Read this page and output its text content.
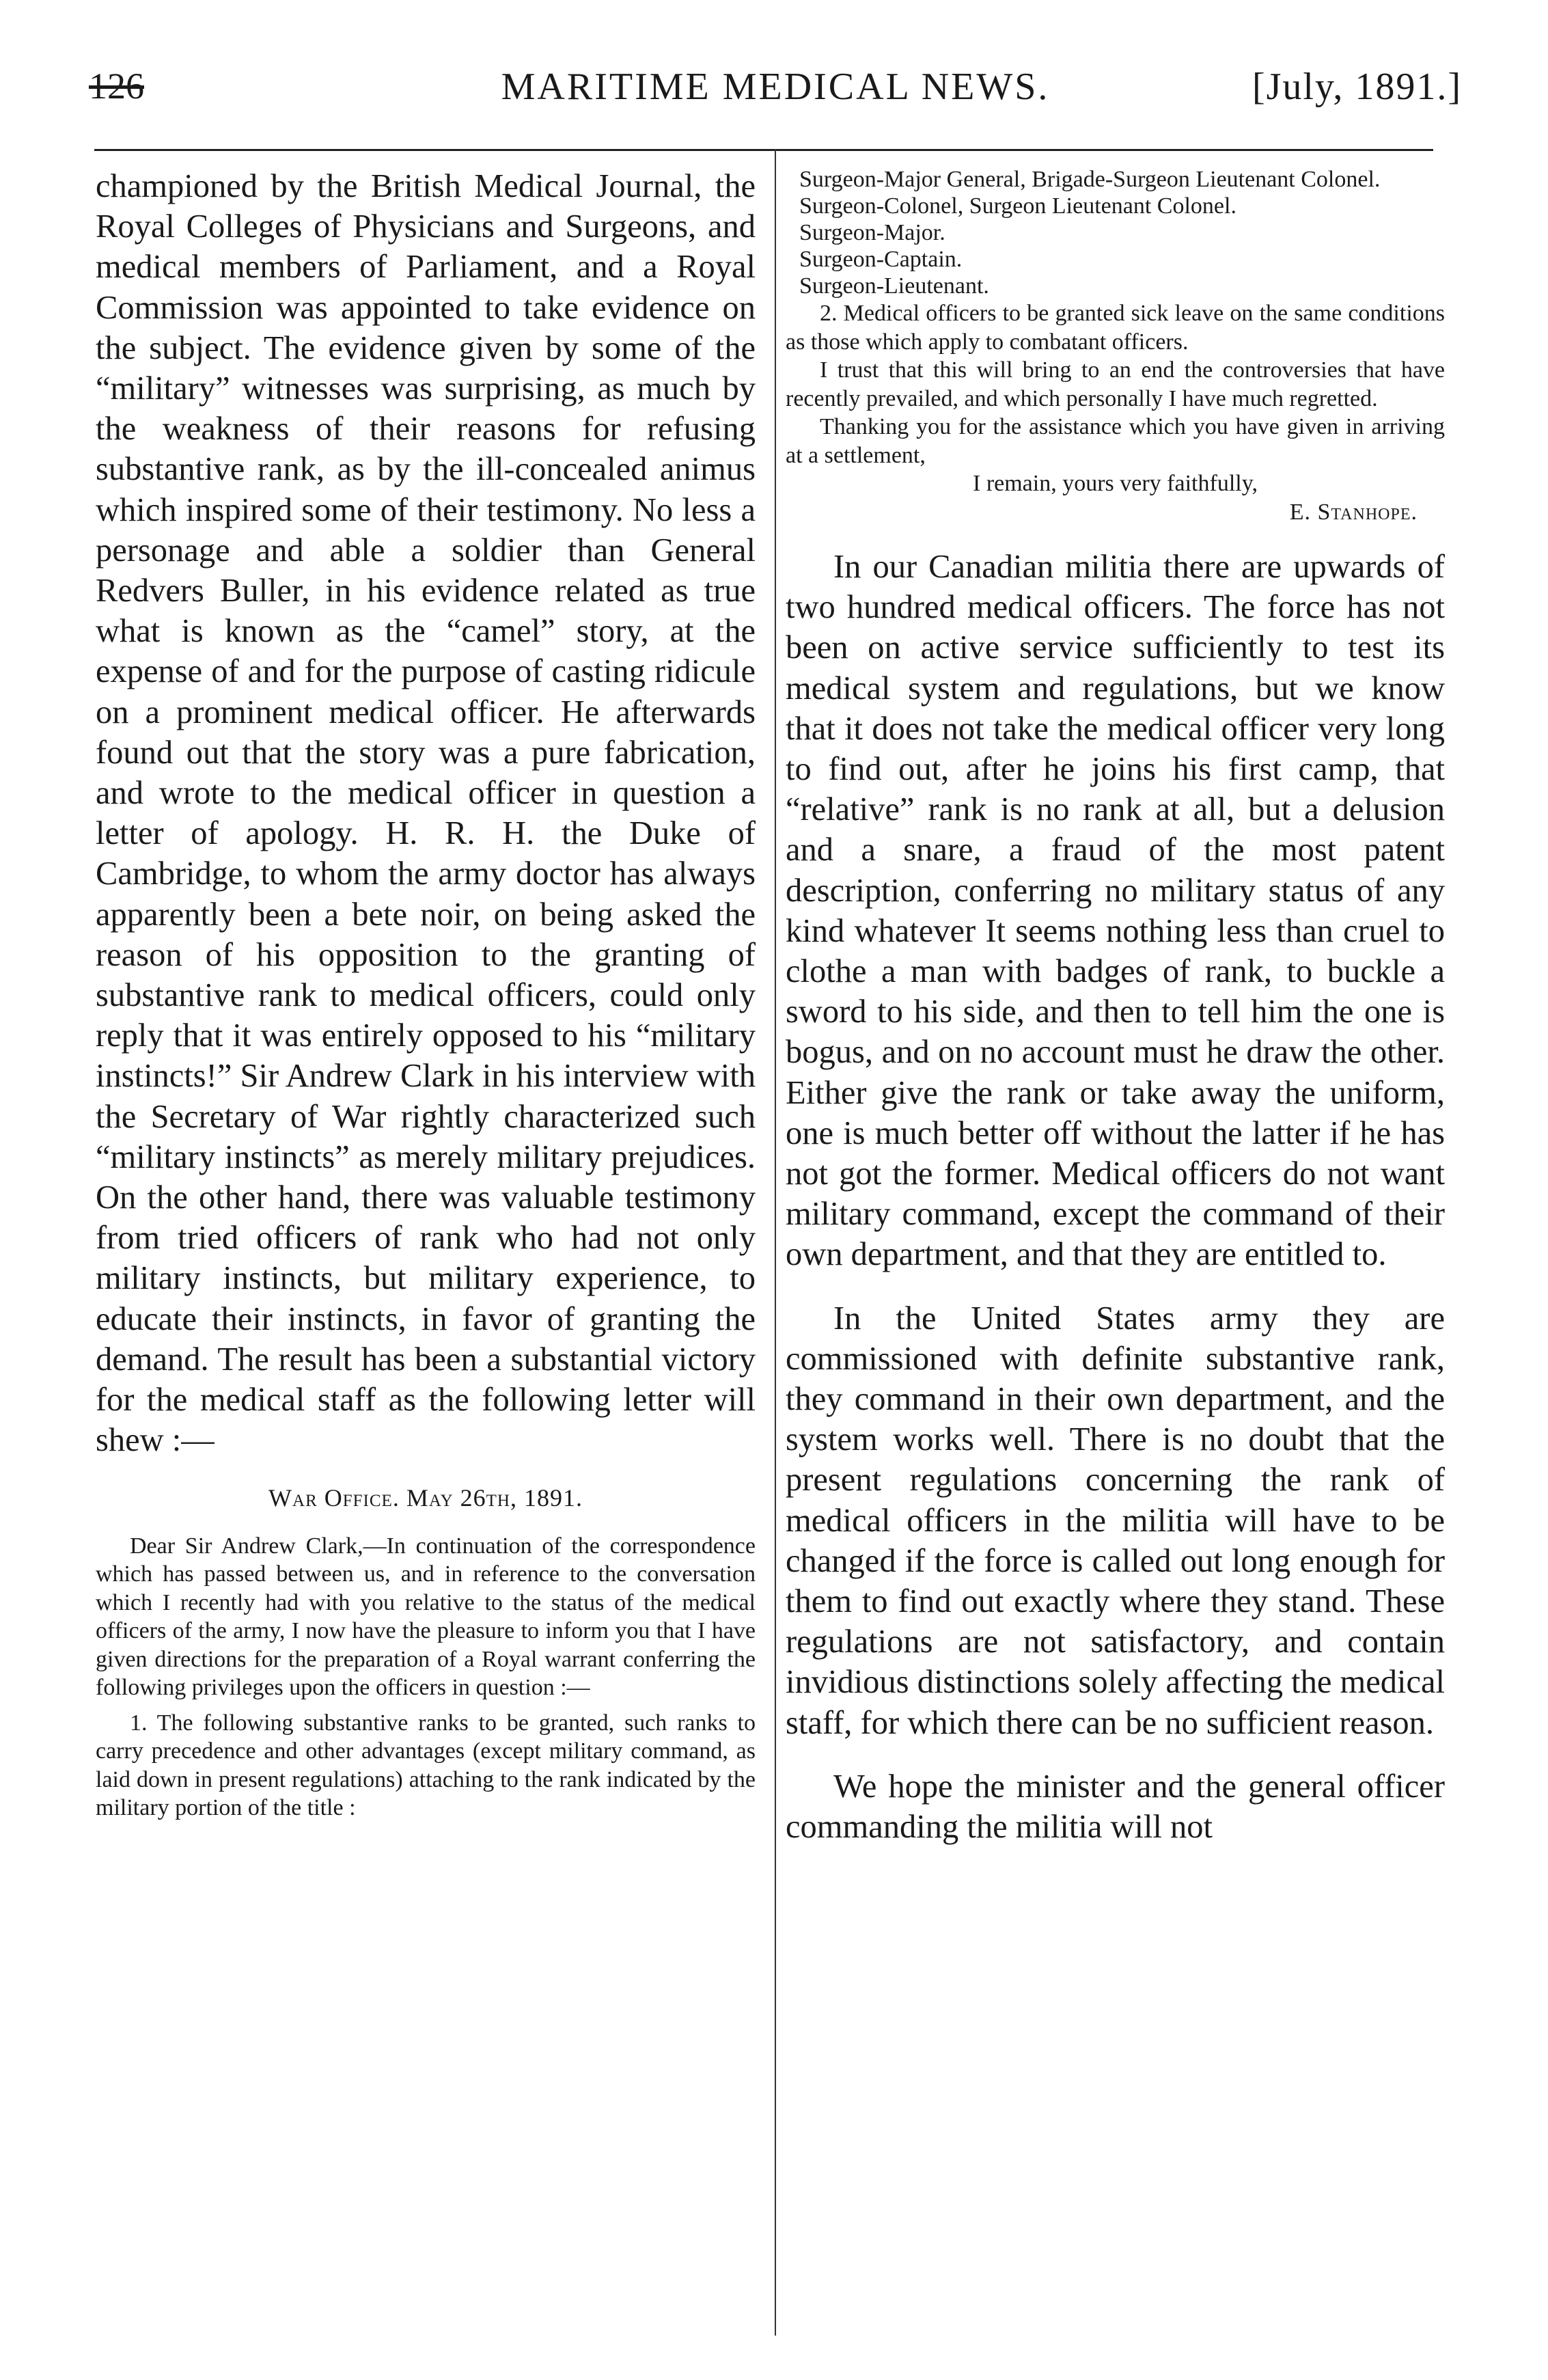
126	MARITIME MEDICAL NEWS.	[July, 1891.]

championed by the British Medical Journal, the Royal Colleges of Physicians and Surgeons, and medical members of Parliament, and a Royal Commission was appointed to take evidence on the subject. The evidence given by some of the “military” witnesses was surprising, as much by the weakness of their reasons for refusing substantive rank, as by the ill-concealed animus which inspired some of their testimony. No less a personage and able a soldier than General Redvers Buller, in his evidence related as true what is known as the “camel” story, at the expense of and for the purpose of casting ridicule on a prominent medical officer. He afterwards found out that the story was a pure fabrication, and wrote to the medical officer in question a letter of apology. H. R. H. the Duke of Cambridge, to whom the army doctor has always apparently been a bete noir, on being asked the reason of his opposition to the granting of substantive rank to medical officers, could only reply that it was entirely opposed to his “military instincts!” Sir Andrew Clark in his interview with the Secretary of War rightly characterized such “military instincts” as merely military prejudices. On the other hand, there was valuable testimony from tried officers of rank who had not only military instincts, but military experience, to educate their instincts, in favor of granting the demand. The result has been a substantial victory for the medical staff as the following letter will shew :—

War Office. May 26th, 1891.

Dear Sir Andrew Clark,—In continuation of the correspondence which has passed between us, and in reference to the conversation which I recently had with you relative to the status of the medical officers of the army, I now have the pleasure to inform you that I have given directions for the preparation of a Royal warrant conferring the following privileges upon the officers in question :—

1. The following substantive ranks to be granted, such ranks to carry precedence and other advantages (except military command, as laid down in present regulations) attaching to the rank indicated by the military portion of the title :

Surgeon-Major General, Brigade-Surgeon Lieutenant Colonel.

Surgeon-Colonel, Surgeon Lieutenant Colonel.

Surgeon-Major.

Surgeon-Captain.

Surgeon-Lieutenant.

2. Medical officers to be granted sick leave on the same conditions as those which apply to combatant officers.

I trust that this will bring to an end the controversies that have recently prevailed, and which personally I have much regretted.

Thanking you for the assistance which you have given in arriving at a settlement,

I remain, yours very faithfully,

E. Stanhope.

In our Canadian militia there are upwards of two hundred medical officers. The force has not been on active service sufficiently to test its medical system and regulations, but we know that it does not take the medical officer very long to find out, after he joins his first camp, that “relative” rank is no rank at all, but a delusion and a snare, a fraud of the most patent description, conferring no military status of any kind whatever It seems nothing less than cruel to clothe a man with badges of rank, to buckle a sword to his side, and then to tell him the one is bogus, and on no account must he draw the other. Either give the rank or take away the uniform, one is much better off without the latter if he has not got the former. Medical officers do not want military command, except the command of their own department, and that they are entitled to.

In the United States army they are commissioned with definite substantive rank, they command in their own department, and the system works well. There is no doubt that the present regulations concerning the rank of medical officers in the militia will have to be changed if the force is called out long enough for them to find out exactly where they stand. These regulations are not satisfactory, and contain invidious distinctions solely affecting the medical staff, for which there can be no sufficient reason.

We hope the minister and the general officer commanding the militia will not
